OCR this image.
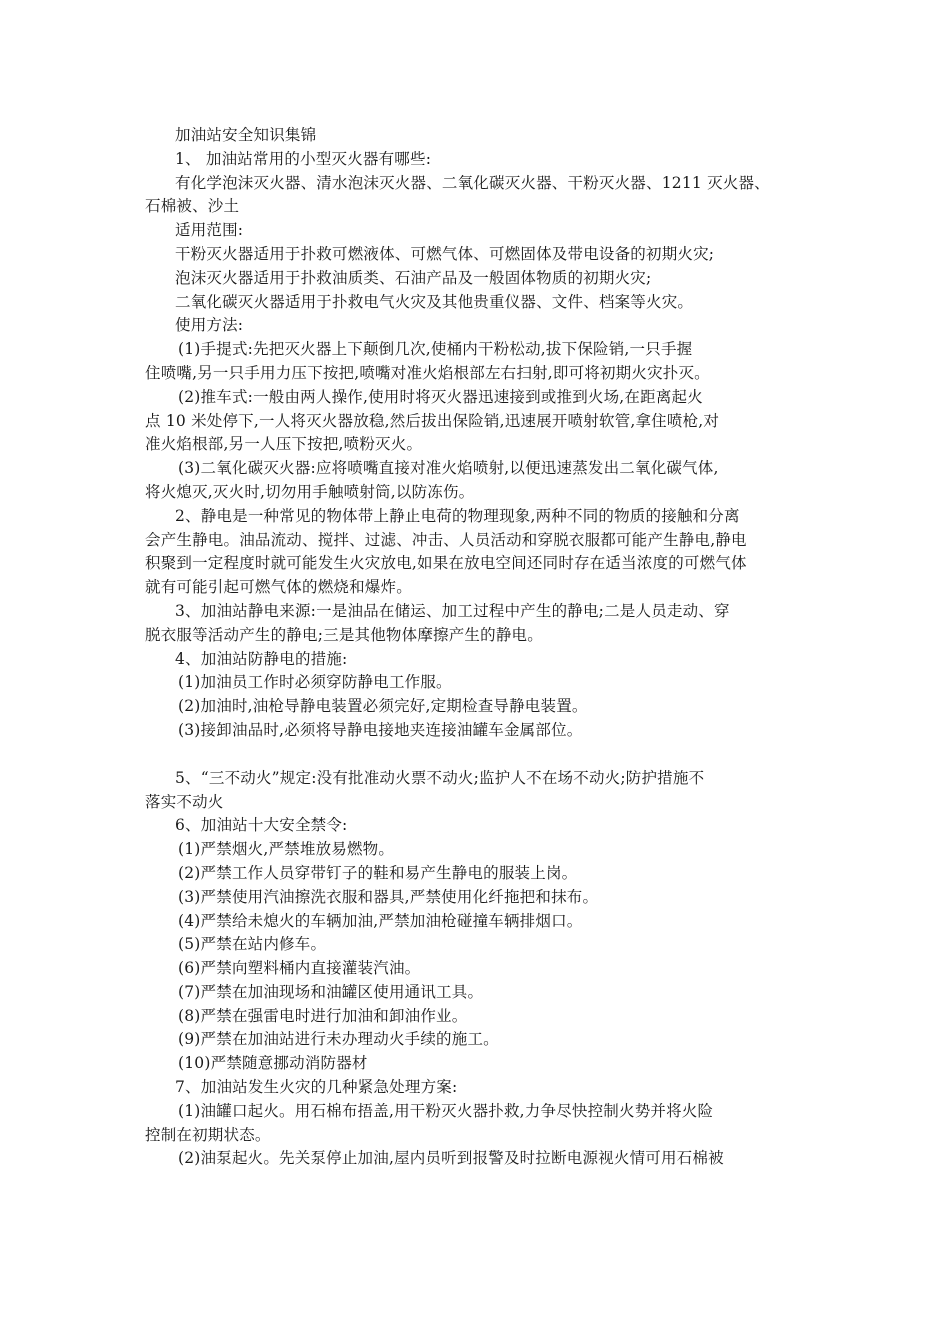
加油站安全知识集锦
1、 加油站常用的小型灭火器有哪些:
有化学泡沫灭火器、清水泡沫灭火器、二氧化碳灭火器、干粉灭火器、1211 灭火器、
石棉被、沙土
适用范围:
干粉灭火器适用于扑救可燃液体、可燃气体、可燃固体及带电设备的初期火灾;
泡沫灭火器适用于扑救油质类、石油产品及一般固体物质的初期火灾;
二氧化碳灭火器适用于扑救电气火灾及其他贵重仪器、文件、档案等火灾。
使用方法:
(1)手提式:先把灭火器上下颠倒几次,使桶内干粉松动,拔下保险销,一只手握
住喷嘴,另一只手用力压下按把,喷嘴对准火焰根部左右扫射,即可将初期火灾扑灭。
(2)推车式:一般由两人操作,使用时将灭火器迅速接到或推到火场,在距离起火
点 10 米处停下,一人将灭火器放稳,然后拔出保险销,迅速展开喷射软管,拿住喷枪,对
准火焰根部,另一人压下按把,喷粉灭火。
(3)二氧化碳灭火器:应将喷嘴直接对准火焰喷射,以便迅速蒸发出二氧化碳气体,
将火熄灭,灭火时,切勿用手触喷射筒,以防冻伤。
2、静电是一种常见的物体带上静止电荷的物理现象,两种不同的物质的接触和分离
会产生静电。油品流动、搅拌、过滤、冲击、人员活动和穿脱衣服都可能产生静电,静电
积聚到一定程度时就可能发生火灾放电,如果在放电空间还同时存在适当浓度的可燃气体
就有可能引起可燃气体的燃烧和爆炸。
3、加油站静电来源:一是油品在储运、加工过程中产生的静电;二是人员走动、穿
脱衣服等活动产生的静电;三是其他物体摩擦产生的静电。
4、加油站防静电的措施:
(1)加油员工作时必须穿防静电工作服。
(2)加油时,油枪导静电装置必须完好,定期检查导静电装置。
(3)接卸油品时,必须将导静电接地夹连接油罐车金属部位。
5、“三不动火”规定:没有批准动火票不动火;监护人不在场不动火;防护措施不
落实不动火
6、加油站十大安全禁令:
(1)严禁烟火,严禁堆放易燃物。
(2)严禁工作人员穿带钉子的鞋和易产生静电的服装上岗。
(3)严禁使用汽油擦洗衣服和器具,严禁使用化纤拖把和抹布。
(4)严禁给未熄火的车辆加油,严禁加油枪碰撞车辆排烟口。
(5)严禁在站内修车。
(6)严禁向塑料桶内直接灌装汽油。
(7)严禁在加油现场和油罐区使用通讯工具。
(8)严禁在强雷电时进行加油和卸油作业。
(9)严禁在加油站进行未办理动火手续的施工。
(10)严禁随意挪动消防器材
7、加油站发生火灾的几种紧急处理方案:
(1)油罐口起火。用石棉布捂盖,用干粉灭火器扑救,力争尽快控制火势并将火险
控制在初期状态。
(2)油泵起火。先关泵停止加油,屋内员听到报警及时拉断电源视火情可用石棉被
